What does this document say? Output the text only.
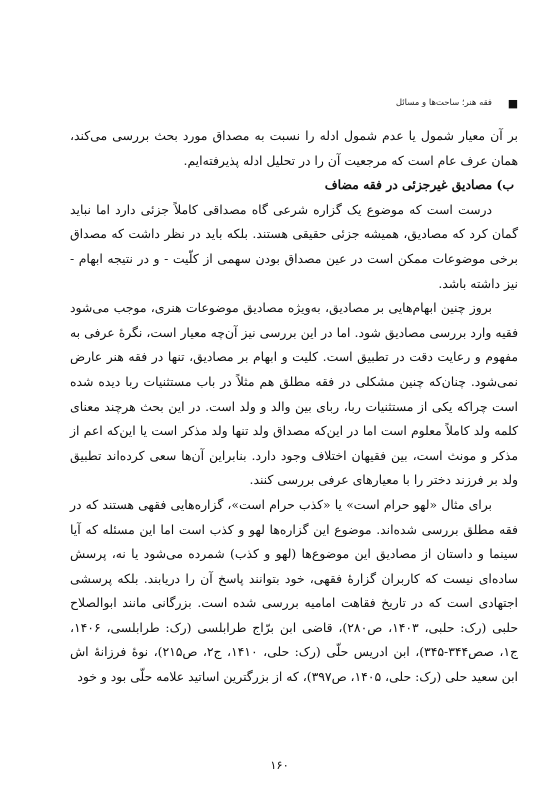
■
فقه هنر؛ ساحت‌ها و مسائل

بر آن معیار شمول یا عدم شمول ادله را نسبت به مصداق مورد بحث بررسی می‌کند، همان عرف عام است که مرجعیت آن را در تحلیل ادله پذیرفته‌ایم.

ب) مصادیق غیرجزئی در فقه مضاف

درست است که موضوع یک گزاره شرعی گاه مصداقی کاملاً جزئی دارد اما نباید گمان کرد که مصادیق، همیشه جزئی حقیقی هستند. بلکه باید در نظر داشت که مصداق برخی موضوعات ممکن است در عین مصداق بودن سهمی از کلّیت - و در نتیجه ابهام - نیز داشته باشد.

بروز چنین ابهام‌هایی بر مصادیق، به‌ویژه مصادیق موضوعات هنری، موجب می‌شود فقیه وارد بررسی مصادیق شود. اما در این بررسی نیز آن‌چه معیار است، نگرۀ عرفی به مفهوم و رعایت دقت در تطبیق است. کلیت و ابهام بر مصادیق، تنها در فقه هنر عارض نمی‌شود. چنان‌که چنین مشکلی در فقه مطلق هم مثلاً در باب مستثنیات ربا دیده شده است چراکه یکی از مستثنیات ربا، ربای بین والد و ولد است. در این بحث هرچند معنای کلمه ولد کاملاً معلوم است اما در این‌که مصداق ولد تنها ولد مذکر است یا این‌که اعم از مذکر و مونث است، بین فقیهان اختلاف وجود دارد. بنابراین آن‌ها سعی کرده‌اند تطبیق ولد بر فرزند دختر را با معیارهای عرفی بررسی کنند.

برای مثال «لهو حرام است» یا «کذب حرام است»، گزاره‌هایی فقهی هستند که در فقه مطلق بررسی شده‌اند. موضوع این گزاره‌ها لهو و کذب است اما این مسئله که آیا سینما و داستان از مصادیق این موضوع‌ها (لهو و کذب) شمرده می‌شود یا نه، پرسش ساده‌ای نیست که کاربران گزارۀ فقهی، خود بتوانند پاسخ آن را دریابند. بلکه پرسشی اجتهادی است که در تاریخ فقاهت امامیه بررسی شده است. بزرگانی مانند ابوالصلاح حلبی (رک: حلبی، ۱۴۰۳، ص۲۸۰)، قاضی ابن برّاج طرابلسی (رک: طرابلسی، ۱۴۰۶، ج۱، صص۳۴۴-۳۴۵)، ابن ادریس حلّی (رک: حلی، ۱۴۱۰، ج۲، ص۲۱۵)، نوۀ فرزانۀ اش ابن سعید حلی (رک: حلی، ۱۴۰۵، ص۳۹۷)، که از بزرگترین اساتید علامه حلّی بود و خود

۱۶۰
